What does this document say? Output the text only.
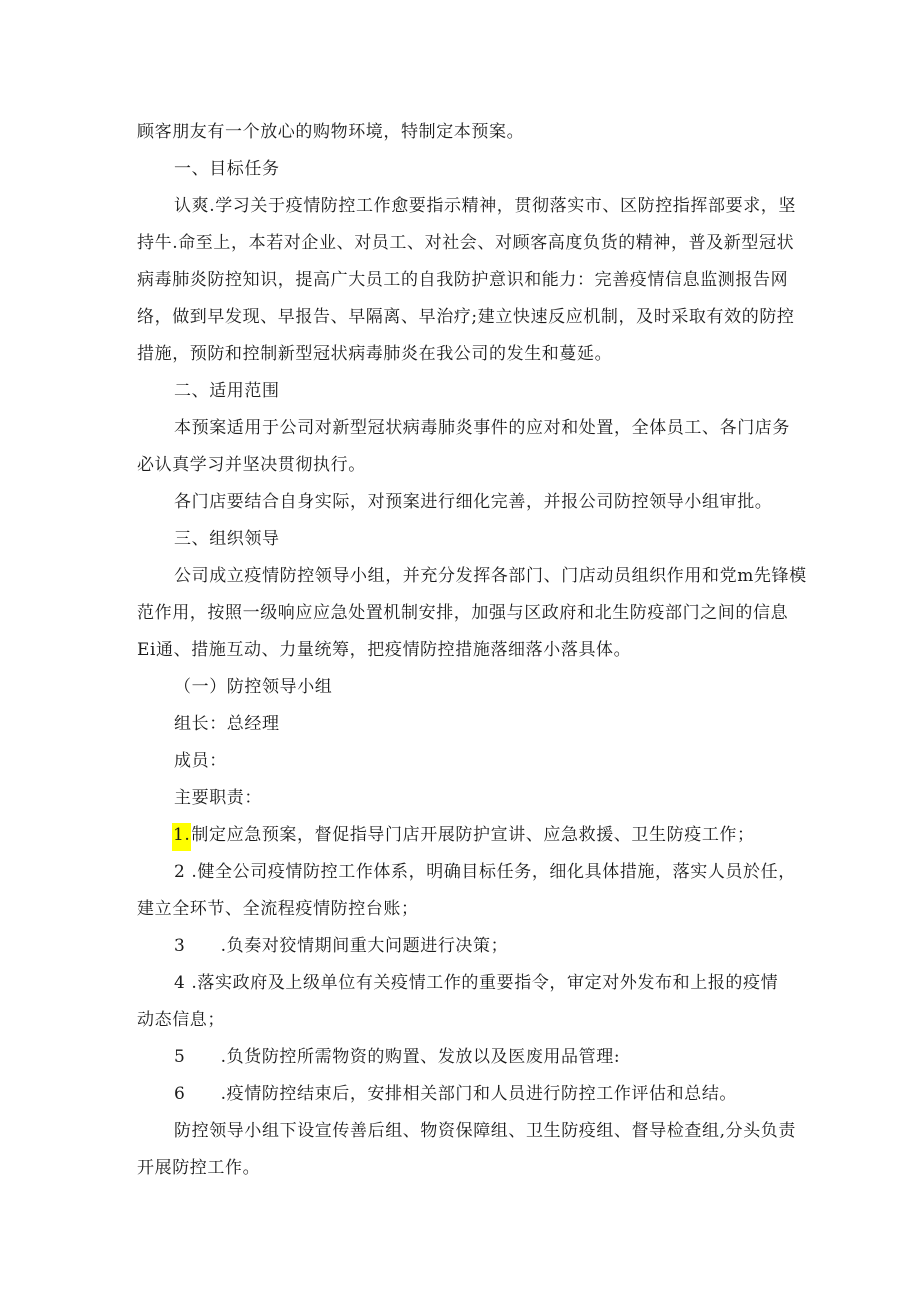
顾客朋友有一个放心的购物环境，特制定本预案。
一、目标任务
认爽.学习关于疫情防控工作愈要指示精神，贯彻落实市、区防控指挥部要求，坚
持牛.命至上，本若对企业、对员工、对社会、对顾客高度负货的精神，普及新型冠状
病毒肺炎防控知识，提高广大员工的自我防护意识和能力：完善疫情信息监测报告网
络，做到早发现、早报告、早隔离、早治疗;建立快速反应机制，及时采取有效的防控
措施，预防和控制新型冠状病毒肺炎在我公司的发生和蔓延。
二、适用范围
本预案适用于公司对新型冠状病毒肺炎事件的应对和处置，全体员工、各门店务
必认真学习并坚决贯彻执行。
各门店要结合自身实际，对预案进行细化完善，并报公司防控领导小组审批。
三、组织领导
公司成立疫情防控领导小组，并充分发挥各部门、门店动员组织作用和党m先锋模
范作用，按照一级响应应急处置机制安排，加强与区政府和北生防疫部门之间的信息
Ei通、措施互动、力量统筹，把疫情防控措施落细落小落具体。
（一）防控领导小组
组长：总经理
成员：
主要职责：
1.制定应急预案，督促指导门店开展防护宣讲、应急救援、卫生防疫工作；
2 .健全公司疫情防控工作体系，明确目标任务，细化具体措施，落实人员於任，
建立全环节、全流程疫情防控台账；
3　　.负奏对狡情期间重大问题进行决策；
4 .落实政府及上级单位有关疫情工作的重要指令，审定对外发布和上报的疫情
动态信息；
5　　.负货防控所需物资的购置、发放以及医废用品管理:
6　　.疫情防控结束后，安排相关部门和人员进行防控工作评估和总结。
防控领导小组下设宣传善后组、物资保障组、卫生防疫组、督导检查组,分头负责
开展防控工作。
